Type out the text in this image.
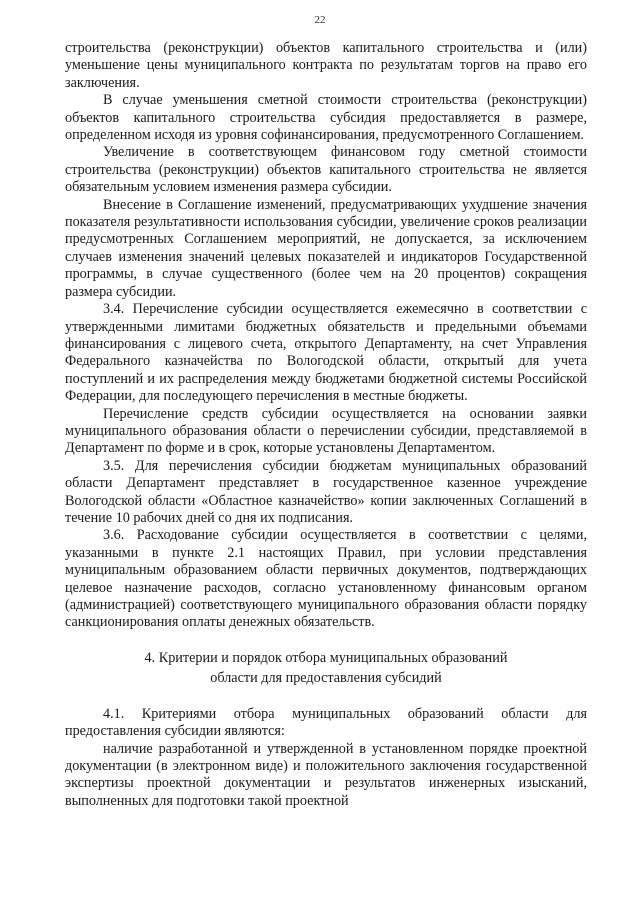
22

строительства (реконструкции) объектов капитального строительства и (или) уменьшение цены муниципального контракта по результатам торгов на право его заключения.

В случае уменьшения сметной стоимости строительства (реконструкции) объектов капитального строительства субсидия предоставляется в размере, определенном исходя из уровня софинансирования, предусмотренного Соглашением.

Увеличение в соответствующем финансовом году сметной стоимости строительства (реконструкции) объектов капитального строительства не является обязательным условием изменения размера субсидии.

Внесение в Соглашение изменений, предусматривающих ухудшение значения показателя результативности использования субсидии, увеличение сроков реализации предусмотренных Соглашением мероприятий, не допускается, за исключением случаев изменения значений целевых показателей и индикаторов Государственной программы, в случае существенного (более чем на 20 процентов) сокращения размера субсидии.

3.4. Перечисление субсидии осуществляется ежемесячно в соответствии с утвержденными лимитами бюджетных обязательств и предельными объемами финансирования с лицевого счета, открытого Департаменту, на счет Управления Федерального казначейства по Вологодской области, открытый для учета поступлений и их распределения между бюджетами бюджетной системы Российской Федерации, для последующего перечисления в местные бюджеты.

Перечисление средств субсидии осуществляется на основании заявки муниципального образования области о перечислении субсидии, представляемой в Департамент по форме и в срок, которые установлены Департаментом.

3.5. Для перечисления субсидии бюджетам муниципальных образований области Департамент представляет в государственное казенное учреждение Вологодской области «Областное казначейство» копии заключенных Соглашений в течение 10 рабочих дней со дня их подписания.

3.6. Расходование субсидии осуществляется в соответствии с целями, указанными в пункте 2.1 настоящих Правил, при условии представления муниципальным образованием области первичных документов, подтверждающих целевое назначение расходов, согласно установленному финансовым органом (администрацией) соответствующего муниципального образования области порядку санкционирования оплаты денежных обязательств.

4. Критерии и порядок отбора муниципальных образований
области для предоставления субсидий

4.1. Критериями отбора муниципальных образований области для предоставления субсидии являются:

наличие разработанной и утвержденной в установленном порядке проектной документации (в электронном виде) и положительного заключения государственной экспертизы проектной документации и результатов инженерных изысканий, выполненных для подготовки такой проектной
